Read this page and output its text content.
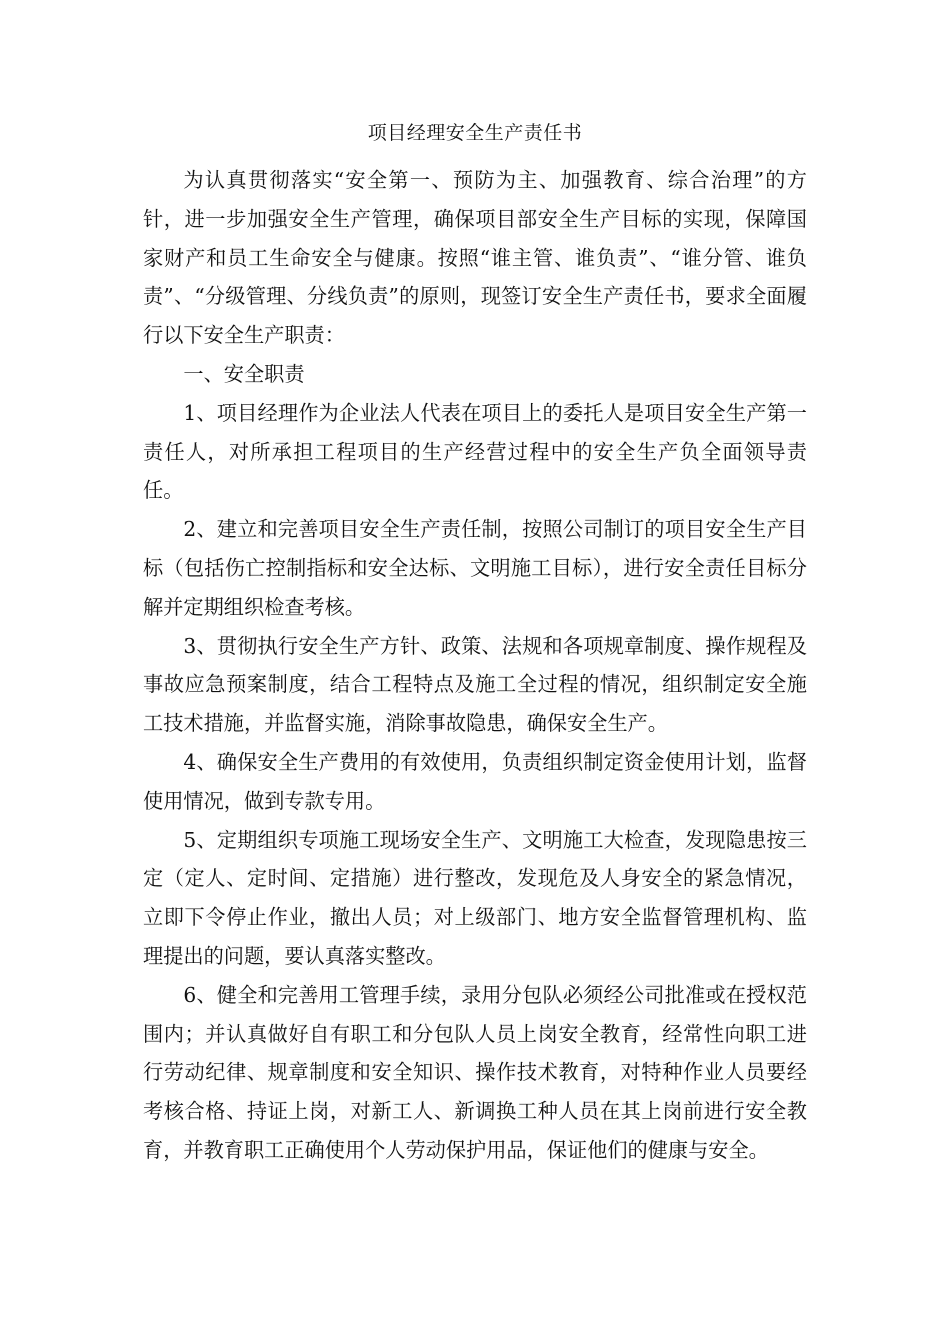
项目经理安全生产责任书

为认真贯彻落实“安全第一、预防为主、加强教育、综合治理”的方针，进一步加强安全生产管理，确保项目部安全生产目标的实现，保障国家财产和员工生命安全与健康。按照“谁主管、谁负责”、“谁分管、谁负责”、“分级管理、分线负责”的原则，现签订安全生产责任书，要求全面履行以下安全生产职责：

一、安全职责

1、项目经理作为企业法人代表在项目上的委托人是项目安全生产第一责任人，对所承担工程项目的生产经营过程中的安全生产负全面领导责任。

2、建立和完善项目安全生产责任制，按照公司制订的项目安全生产目标（包括伤亡控制指标和安全达标、文明施工目标），进行安全责任目标分解并定期组织检查考核。

3、贯彻执行安全生产方针、政策、法规和各项规章制度、操作规程及事故应急预案制度，结合工程特点及施工全过程的情况，组织制定安全施工技术措施，并监督实施，消除事故隐患，确保安全生产。

4、确保安全生产费用的有效使用，负责组织制定资金使用计划，监督使用情况，做到专款专用。

5、定期组织专项施工现场安全生产、文明施工大检查，发现隐患按三定（定人、定时间、定措施）进行整改，发现危及人身安全的紧急情况，立即下令停止作业，撤出人员；对上级部门、地方安全监督管理机构、监理提出的问题，要认真落实整改。

6、健全和完善用工管理手续，录用分包队必须经公司批准或在授权范围内；并认真做好自有职工和分包队人员上岗安全教育，经常性向职工进行劳动纪律、规章制度和安全知识、操作技术教育，对特种作业人员要经考核合格、持证上岗，对新工人、新调换工种人员在其上岗前进行安全教育，并教育职工正确使用个人劳动保护用品，保证他们的健康与安全。
